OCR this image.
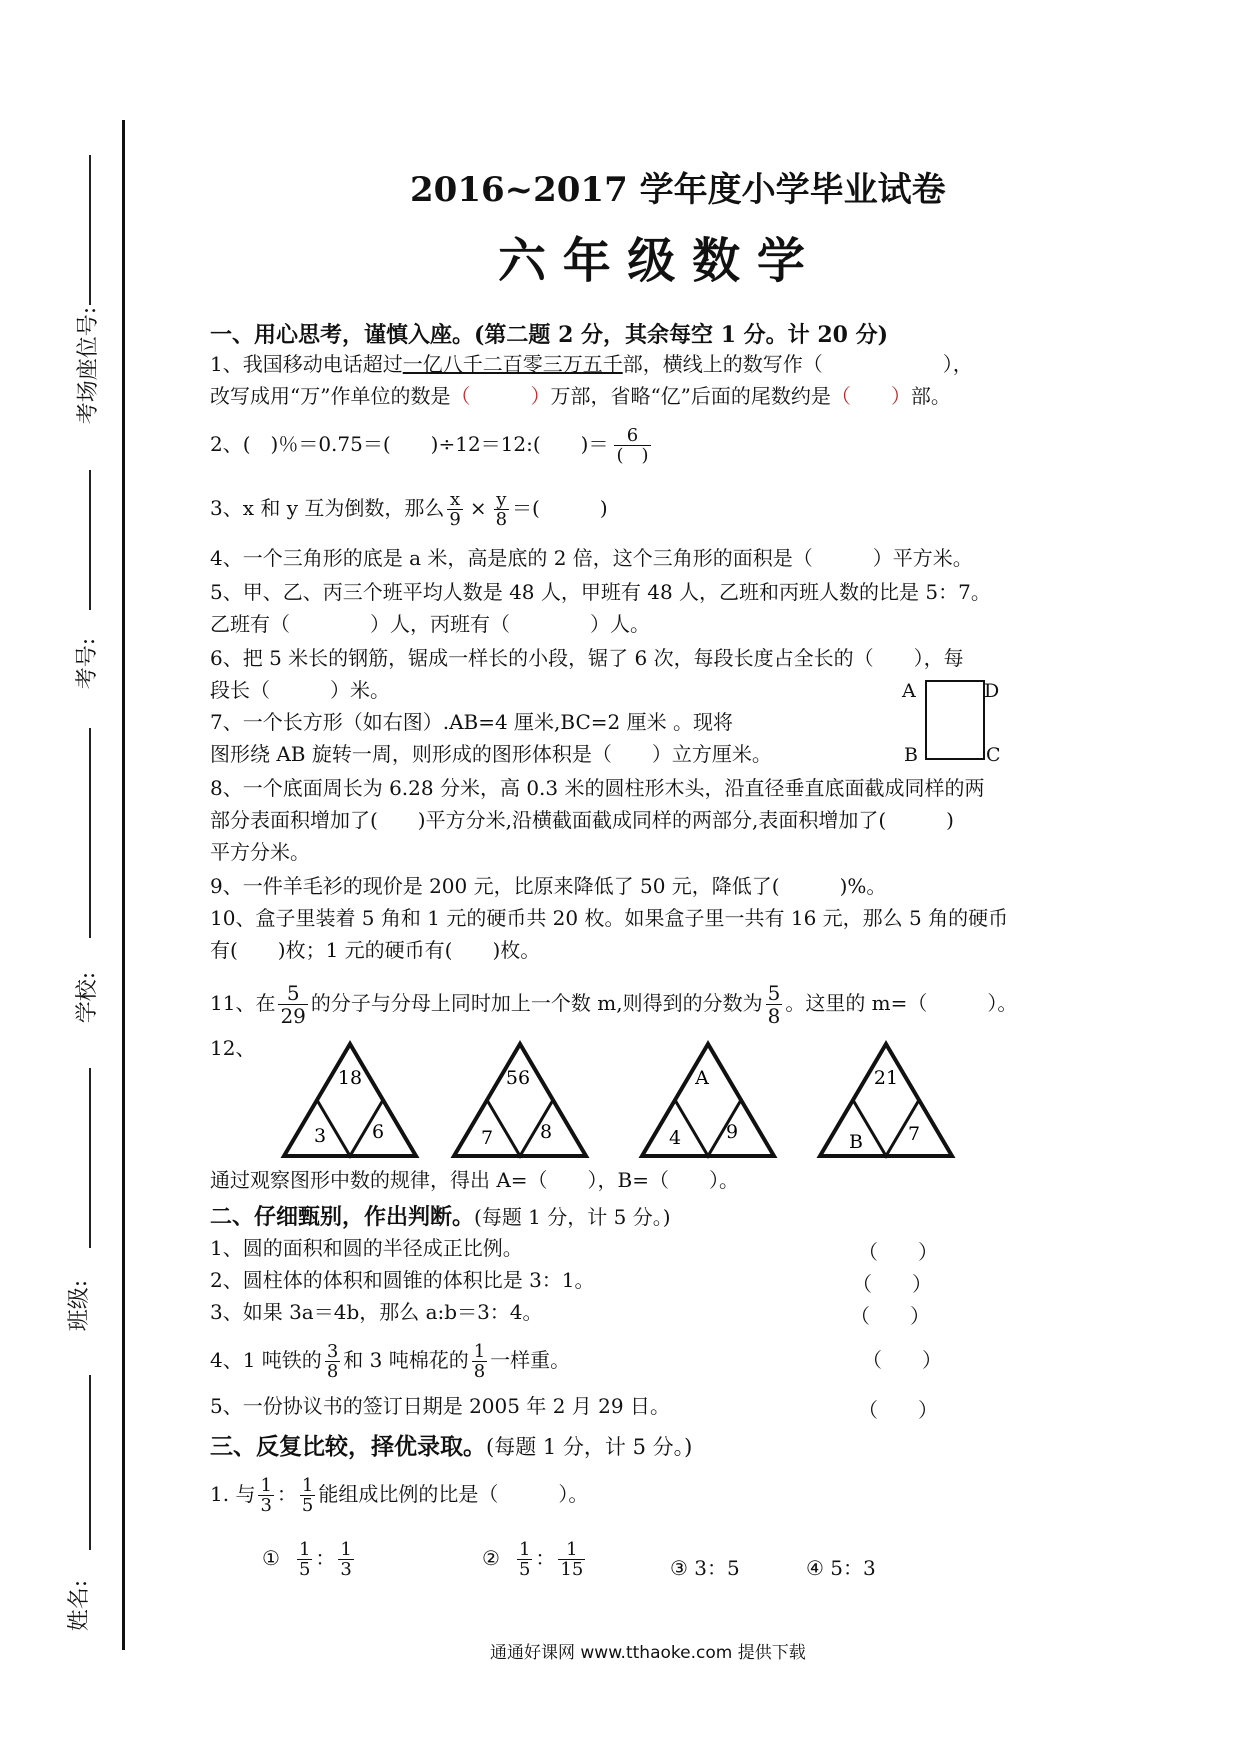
考场座位号:
考号:
学校:
班级:
姓名:
2016~2017 学年度小学毕业试卷
六 年 级 数 学
一、用心思考，谨慎入座。(第二题 2 分，其余每空 1 分。计 20 分)
1、我国移动电话超过一亿八千二百零三万五千部，横线上的数写作（　　　　　　），
改写成用“万”作单位的数是（　　　）万部，省略“亿”后面的尾数约是（　　）部。
2、(　)％＝0.75＝(　　)÷12＝12:(　　)＝ $\frac{6}{( )}$
3、x 和 y 互为倒数，那么 $\frac{x}{9} \times \frac{y}{8}$ ＝(　　　)
4、一个三角形的底是 a 米，高是底的 2 倍，这个三角形的面积是（　　　）平方米。
5、甲、乙、丙三个班平均人数是 48 人，甲班有 48 人，乙班和丙班人数的比是 5：7。
乙班有（　　　　）人，丙班有（　　　　）人。
6、把 5 米长的钢筋，锯成一样长的小段，锯了 6 次，每段长度占全长的（　　），每
段长（　　　）米。
7、一个长方形（如右图）.AB=4 厘米,BC=2 厘米 。现将
图形绕 AB 旋转一周，则形成的图形体积是（　　）立方厘米。
A	D
B	C
8、一个底面周长为 6.28 分米，高 0.3 米的圆柱形木头，沿直径垂直底面截成同样的两
部分表面积增加了(　　)平方分米,沿横截面截成同样的两部分,表面积增加了(　　　)
平方分米。
9、一件羊毛衫的现价是 200 元，比原来降低了 50 元，降低了(　　　)%。
10、盒子里装着 5 角和 1 元的硬币共 20 枚。如果盒子里一共有 16 元，那么 5 角的硬币
有(　　)枚；1 元的硬币有(　　)枚。
11、在 $\frac{5}{29}$ 的分子与分母上同时加上一个数 m,则得到的分数为 $\frac{5}{8}$ 。这里的 m=（　　　）。
12、
18
3 6
56
7 8
A
4 9
21
B 7
通过观察图形中数的规律，得出 A=（　　），B=（　　）。
二、仔细甄别，作出判断。(每题 1 分，计 5 分。)
1、圆的面积和圆的半径成正比例。	（　　）
2、圆柱体的体积和圆锥的体积比是 3：1。	（　　）
3、如果 3a＝4b，那么 a:b＝3：4。	（　　）
4、1 吨铁的 $\frac{3}{8}$ 和 3 吨棉花的 $\frac{1}{8}$ 一样重。	（　　）
5、一份协议书的签订日期是 2005 年 2 月 29 日。	（　　）
三、反复比较，择优录取。(每题 1 分，计 5 分。)
1. 与 $\frac{1}{3}$ ： $\frac{1}{5}$ 能组成比例的比是（　　　）。
① $\frac{1}{5}$ ： $\frac{1}{3}$	② $\frac{1}{5}$ ： $\frac{1}{15}$	③ 3：5	④ 5：3
通通好课网 www.tthaoke.com 提供下载
